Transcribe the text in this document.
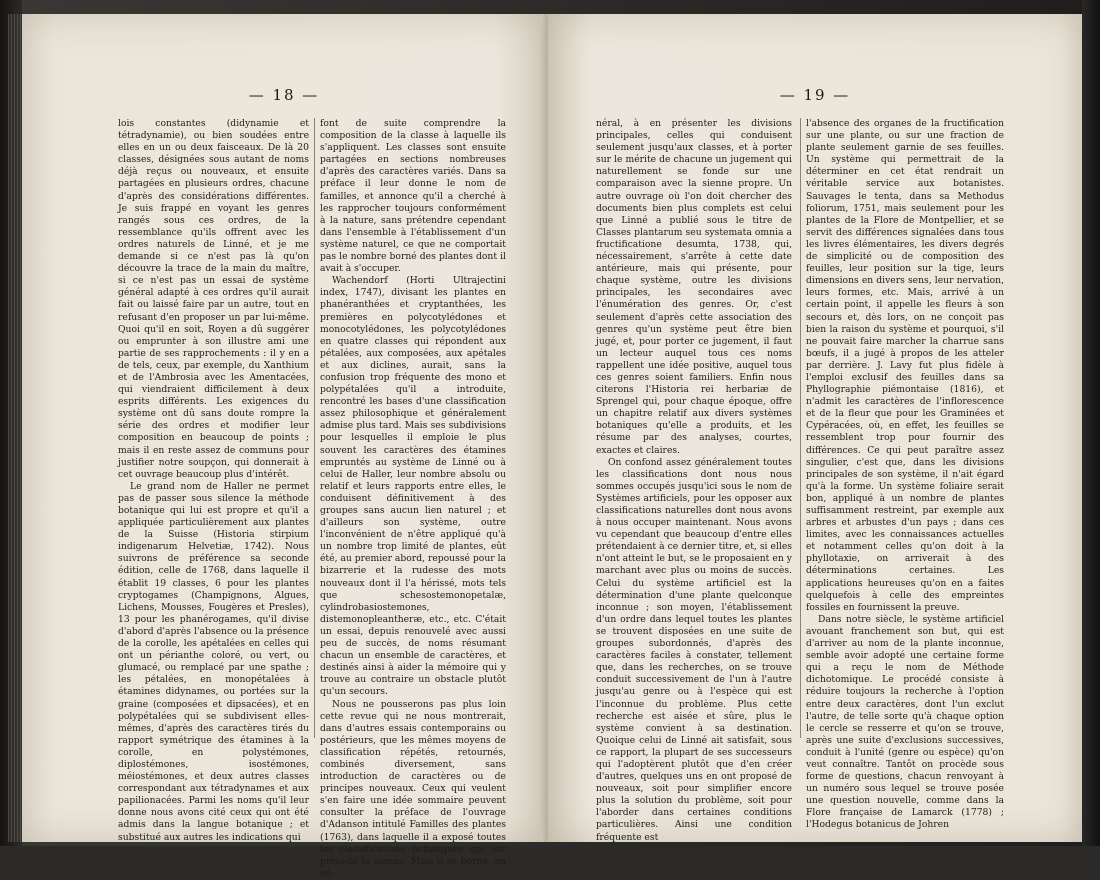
— 18 —

lois constantes (didynamie et tétradynamie), ou bien soudées entre elles en un ou deux faisceaux. De là 20 classes, désignées sous autant de noms déjà reçus ou nouveaux, et ensuite partagées en plusieurs ordres, chacune d'après des considérations différentes. Je suis frappé en voyant les genres rangés sous ces ordres, de la ressemblance qu'ils offrent avec les ordres naturels de Linné, et je me demande si ce n'est pas là qu'on découvre la trace de la main du maître, si ce n'est pas un essai de système général adapté à ces ordres qu'il aurait fait ou laissé faire par un autre, tout en refusant d'en proposer un par lui-même. Quoi qu'il en soit, Royen a dû suggérer ou emprunter à son illustre ami une partie de ses rapprochements : il y en a de tels, ceux, par exemple, du Xanthium et de l'Ambrosia avec les Amentacées, qui viendraient difficilement à deux esprits différents. Les exigences du système ont dû sans doute rompre la série des ordres et modifier leur composition en beaucoup de points ; mais il en reste assez de communs pour justifier notre soupçon, qui donnerait à cet ouvrage beaucoup plus d'intérêt.

Le grand nom de Haller ne permet pas de passer sous silence la méthode botanique qui lui est propre et qu'il a appliquée particulièrement aux plantes de la Suisse (Historia stirpium indigenarum Helvetiæ, 1742). Nous suivrons de préférence sa seconde édition, celle de 1768, dans laquelle il établit 19 classes, 6 pour les plantes cryptogames (Champignons, Algues, Lichens, Mousses, Fougères et Presles), 13 pour les phanérogames, qu'il divise d'abord d'après l'absence ou la présence de la corolle, les apétalées en celles qui ont un périanthe coloré, ou vert, ou glumacé, ou remplacé par une spathe ; les pétalées, en monopétalées à étamines didynames, ou portées sur la graine (composées et dipsacées), et en polypétalées qui se subdivisent elles-mêmes, d'après des caractères tirés du rapport symétrique des étamines à la corolle, en polystémones, diplostémones, isostémones, méiostémones, et deux autres classes correspondant aux tétradynames et aux papilionacées. Parmi les noms qu'il leur donne nous avons cité ceux qui ont été admis dans la langue botanique ; et substitué aux autres les indications qui

font de suite comprendre la composition de la classe à laquelle ils s'appliquent. Les classes sont ensuite partagées en sections nombreuses d'après des caractères variés. Dans sa préface il leur donne le nom de familles, et annonce qu'il a cherché à les rapprocher toujours conformément à la nature, sans prétendre cependant dans l'ensemble à l'établissement d'un système naturel, ce que ne comportait pas le nombre borné des plantes dont il avait à s'occuper.

Wachendorf (Horti Ultrajectini index, 1747), divisant les plantes en phanéranthées et cryptanthées, les premières en polycotylédones et monocotylédones, les polycotylédones en quatre classes qui répondent aux pétalées, aux composées, aux apétales et aux diclines, aurait, sans la confusion trop fréquente des mono et polypétalées qu'il a introduite, rencontré les bases d'une classification assez philosophique et généralement admise plus tard. Mais ses subdivisions pour lesquelles il emploie le plus souvent les caractères des étamines empruntés au système de Linné ou à celui de Haller, leur nombre absolu ou relatif et leurs rapports entre elles, le conduisent définitivement à des groupes sans aucun lien naturel ; et d'ailleurs son système, outre l'inconvénient de n'être appliqué qu'à un nombre trop limité de plantes, eût été, au premier abord, repoussé pour la bizarrerie et la rudesse des mots nouveaux dont il l'a hérissé, mots tels que schesostemonopetalæ, cylindrobasiostemones, distemonopleantheræ, etc., etc. C'était un essai, depuis renouvelé avec aussi peu de succès, de noms résumant chacun un ensemble de caractères, et destinés ainsi à aider la mémoire qui y trouve au contraire un obstacle plutôt qu'un secours.

Nous ne pousserons pas plus loin cette revue qui ne nous montrerait, dans d'autres essais contemporains ou postérieurs, que les mêmes moyens de classification répétés, retournés, combinés diversement, sans introduction de caractères ou de principes nouveaux. Ceux qui veulent s'en faire une idée sommaire peuvent consulter la préface de l'ouvrage d'Adanson intitulé Familles des plantes (1763), dans laquelle il a exposé toutes les classifications botaniques qui ont précédé la sienne. Mais il se borne, en gé-

— 19 —

néral, à en présenter les divisions principales, celles qui conduisent seulement jusqu'aux classes, et à porter sur le mérite de chacune un jugement qui naturellement se fonde sur une comparaison avec la sienne propre. Un autre ouvrage où l'on doit chercher des documents bien plus complets est celui que Linné a publié sous le titre de Classes plantarum seu systemata omnia a fructificatione desumta, 1738, qui, nécessairement, s'arrête à cette date antérieure, mais qui présente, pour chaque système, outre les divisions principales, les secondaires avec l'énumération des genres. Or, c'est seulement d'après cette association des genres qu'un système peut être bien jugé, et, pour porter ce jugement, il faut un lecteur auquel tous ces noms rappellent une idée positive, auquel tous ces genres soient familiers. Enfin nous citerons l'Historia rei herbariæ de Sprengel qui, pour chaque époque, offre un chapitre relatif aux divers systèmes botaniques qu'elle a produits, et les résume par des analyses, courtes, exactes et claires.

On confond assez généralement toutes les classifications dont nous nous sommes occupés jusqu'ici sous le nom de Systèmes artificiels, pour les opposer aux classifications naturelles dont nous avons à nous occuper maintenant. Nous avons vu cependant que beaucoup d'entre elles prétendaient à ce dernier titre, et, si elles n'ont atteint le but, se le proposaient en y marchant avec plus ou moins de succès. Celui du système artificiel est la détermination d'une plante quelconque inconnue ; son moyen, l'établissement d'un ordre dans lequel toutes les plantes se trouvent disposées en une suite de groupes subordonnés, d'après des caractères faciles à constater, tellement que, dans les recherches, on se trouve conduit successivement de l'un à l'autre jusqu'au genre ou à l'espèce qui est l'inconnue du problème. Plus cette recherche est aisée et sûre, plus le système convient à sa destination. Quoique celui de Linné ait satisfait, sous ce rapport, la plupart de ses successeurs qui l'adoptèrent plutôt que d'en créer d'autres, quelques uns en ont proposé de nouveaux, soit pour simplifier encore plus la solution du problème, soit pour l'aborder dans certaines conditions particulières. Ainsi une condition fréquente est

l'absence des organes de la fructification sur une plante, ou sur une fraction de plante seulement garnie de ses feuilles. Un système qui permettrait de la déterminer en cet état rendrait un véritable service aux botanistes. Sauvages le tenta, dans sa Methodus foliorum, 1751, mais seulement pour les plantes de la Flore de Montpellier, et se servit des différences signalées dans tous les livres élémentaires, les divers degrés de simplicité ou de composition des feuilles, leur position sur la tige, leurs dimensions en divers sens, leur nervation, leurs formes, etc. Mais, arrivé à un certain point, il appelle les fleurs à son secours et, dès lors, on ne conçoit pas bien la raison du système et pourquoi, s'il ne pouvait faire marcher la charrue sans bœufs, il a jugé à propos de les atteler par derrière. J. Lavy fut plus fidèle à l'emploi exclusif des feuilles dans sa Phyllographie piémontaise (1816), et n'admit les caractères de l'inflorescence et de la fleur que pour les Graminées et Cypéracées, où, en effet, les feuilles se ressemblent trop pour fournir des différences. Ce qui peut paraître assez singulier, c'est que, dans les divisions principales de son système, il n'ait égard qu'à la forme. Un système foliaire serait bon, appliqué à un nombre de plantes suffisamment restreint, par exemple aux arbres et arbustes d'un pays ; dans ces limites, avec les connaissances actuelles et notamment celles qu'on doit à la phyllotaxie, on arriverait à des déterminations certaines. Les applications heureuses qu'on en a faites quelquefois à celle des empreintes fossiles en fournissent la preuve.

Dans notre siècle, le système artificiel avouant franchement son but, qui est d'arriver au nom de la plante inconnue, semble avoir adopté une certaine forme qui a reçu le nom de Méthode dichotomique. Le procédé consiste à réduire toujours la recherche à l'option entre deux caractères, dont l'un exclut l'autre, de telle sorte qu'à chaque option le cercle se resserre et qu'on se trouve, après une suite d'exclusions successives, conduit à l'unité (genre ou espèce) qu'on veut connaître. Tantôt on procède sous forme de questions, chacun renvoyant à un numéro sous lequel se trouve posée une question nouvelle, comme dans la Flore française de Lamarck (1778) ; l'Hodegus botanicus de Johren
